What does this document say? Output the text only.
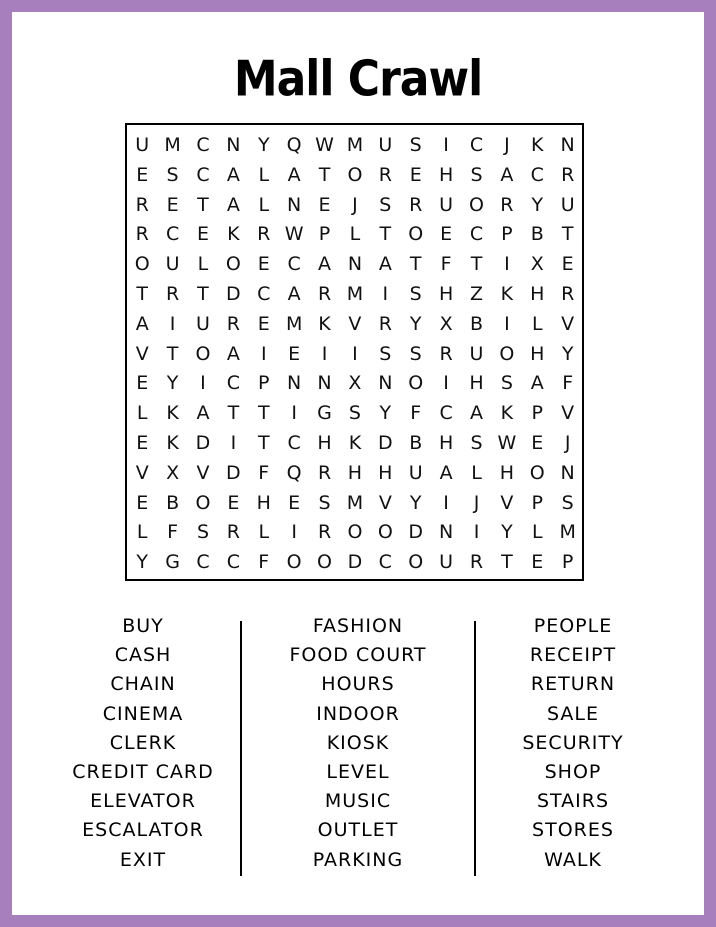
Mall Crawl
U M C N Y Q W M U S	I	C	J	K N
E S C A L A T O R E H S A C R
R E T A L N E	J	S R U O R Y U
R C E K R W P	L	T O E C P B T
O U L O E C A N A T	F	T	I	X E
T R T D C A R M	I	S H Z K H R
A	I	U R E M K V R Y X B	I	L V
V T O A	I	E	I	I	S S R U O H Y
E Y	I	C P N N X N O	I	H S A F
L K A T T	I	G S Y	F C A K P V
E K D	I	T C H K D B H S W E	J
V X V D F Q R H H U A L H O N
E B O E H E S M V Y	I	J	V P S
L	F S R L	I	R O O D N	I	Y	L M
Y G C C F O O D C O U R T E P
BUY
CASH
CHAIN
CINEMA
CLERK
CREDIT CARD
ELEVATOR
ESCALATOR
EXIT
FASHION
FOOD COURT
HOURS
INDOOR
KIOSK
LEVEL
MUSIC
OUTLET
PARKING
PEOPLE
RECEIPT
RETURN
SALE
SECURITY
SHOP
STAIRS
STORES
WALK
